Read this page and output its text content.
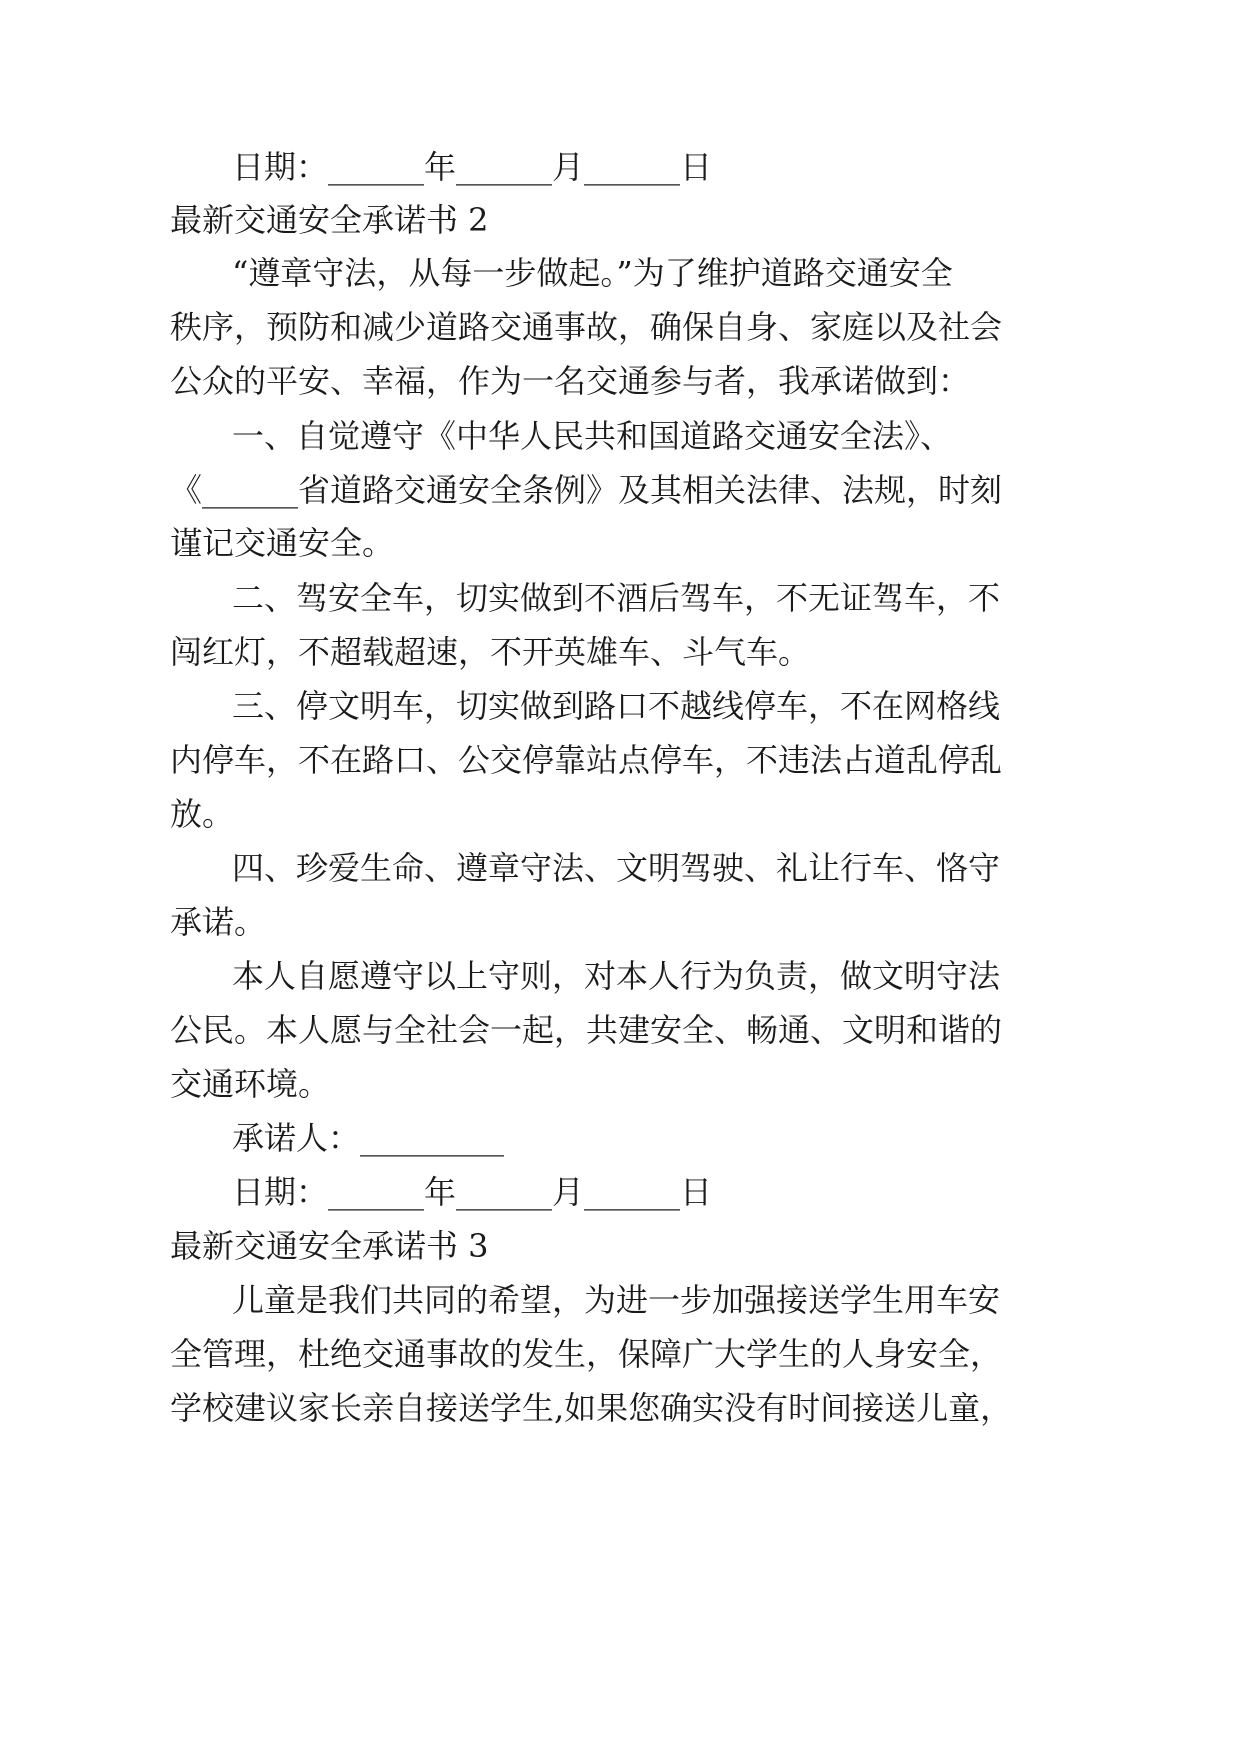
日期：______年______月______日
最新交通安全承诺书 2
“遵章守法，从每一步做起。”为了维护道路交通安全
秩序，预防和减少道路交通事故，确保自身、家庭以及社会
公众的平安、幸福，作为一名交通参与者，我承诺做到：
一、自觉遵守《中华人民共和国道路交通安全法》、
《______省道路交通安全条例》及其相关法律、法规，时刻
谨记交通安全。
二、驾安全车，切实做到不酒后驾车，不无证驾车，不
闯红灯，不超载超速，不开英雄车、斗气车。
三、停文明车，切实做到路口不越线停车，不在网格线
内停车，不在路口、公交停靠站点停车，不违法占道乱停乱
放。
四、珍爱生命、遵章守法、文明驾驶、礼让行车、恪守
承诺。
本人自愿遵守以上守则，对本人行为负责，做文明守法
公民。本人愿与全社会一起，共建安全、畅通、文明和谐的
交通环境。
承诺人：_________
日期：______年______月______日
最新交通安全承诺书 3
儿童是我们共同的希望，为进一步加强接送学生用车安
全管理，杜绝交通事故的发生，保障广大学生的人身安全，
学校建议家长亲自接送学生,如果您确实没有时间接送儿童，
